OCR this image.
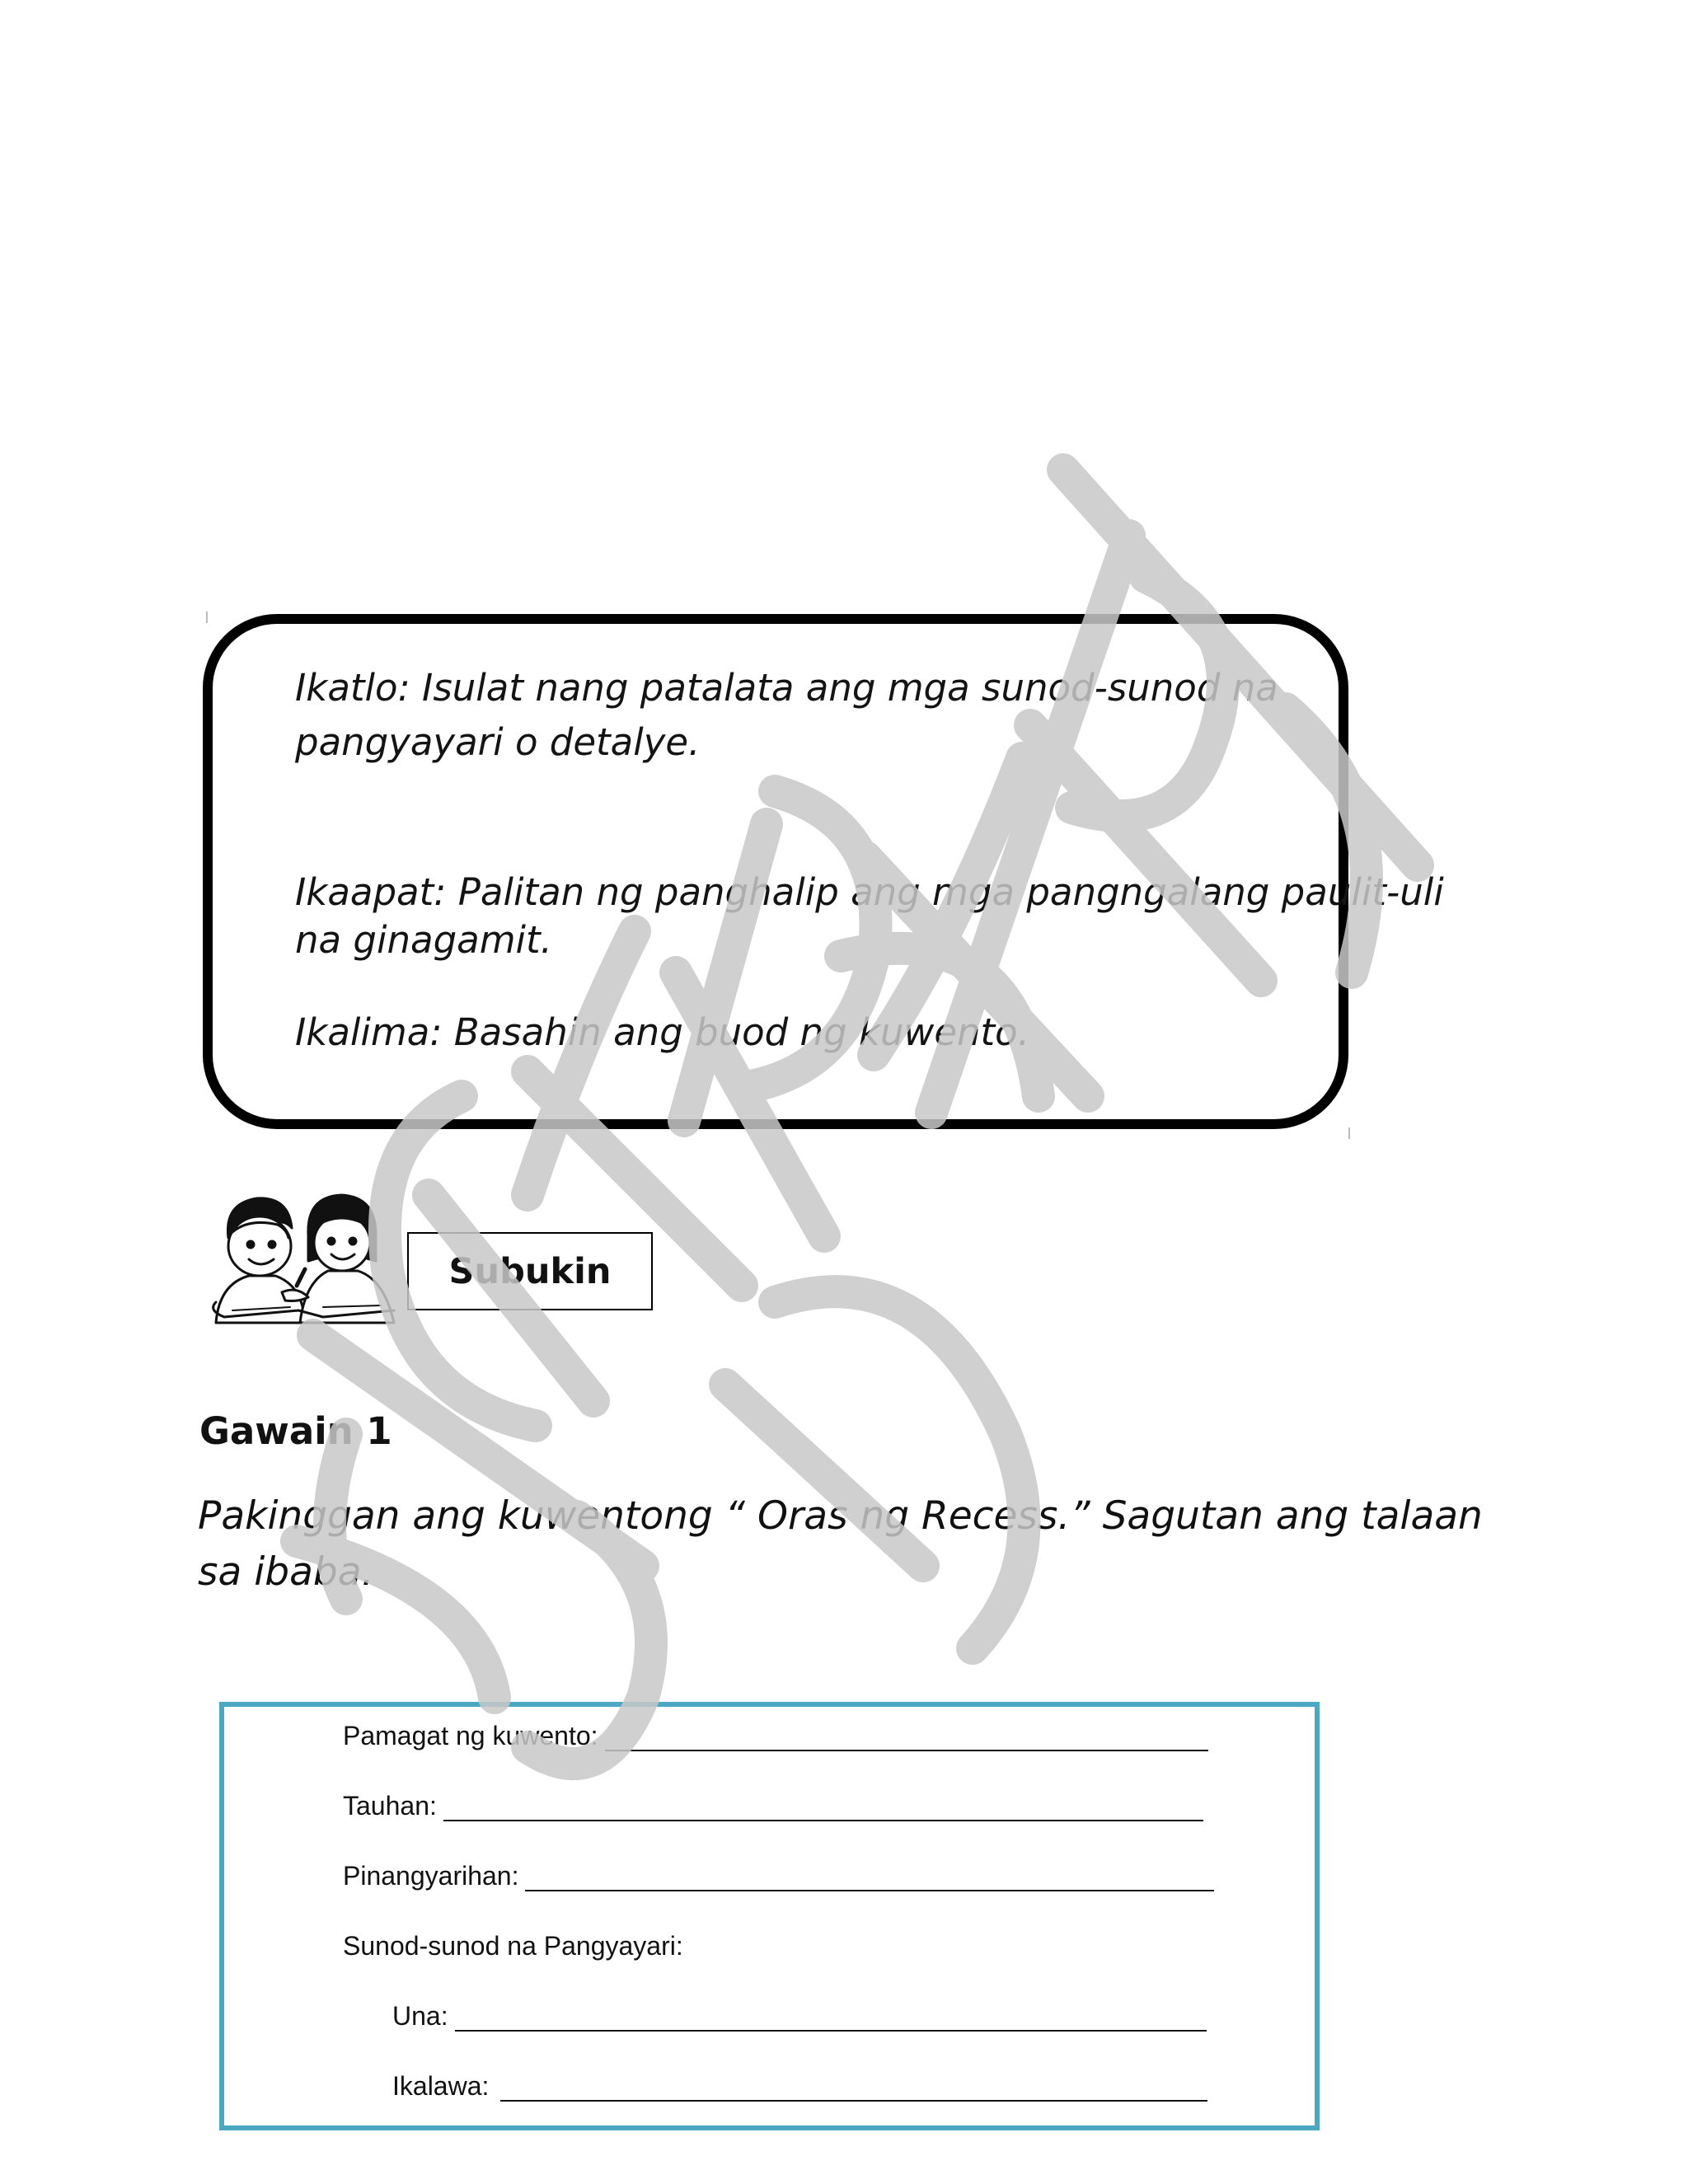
Ikatlo: Isulat nang patalata ang mga sunod-sunod na
pangyayari o detalye.
Ikaapat: Palitan ng panghalip ang mga pangngalang paulit-uli
na ginagamit.
Ikalima: Basahin ang buod ng kuwento.
Subukin
Gawain 1
Pakinggan ang kuwentong “ Oras ng Recess.” Sagutan ang talaan
sa ibaba.
Pamagat ng kuwento:
Tauhan:
Pinangyarihan:
Sunod-sunod na Pangyayari:
Una:
Ikalawa:
